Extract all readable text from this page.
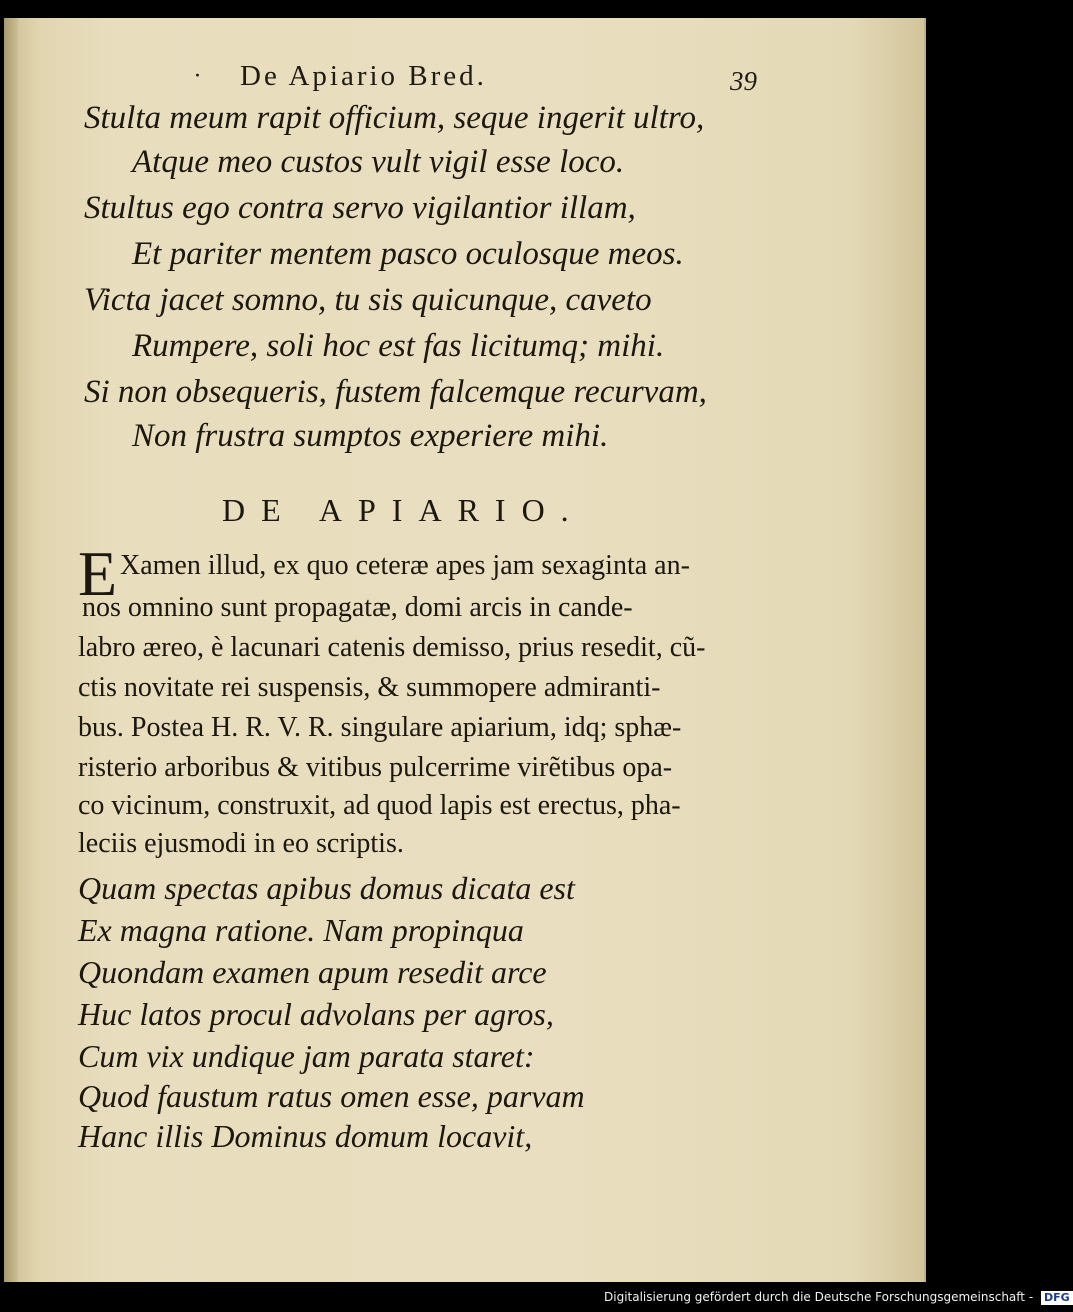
· De Apiario Bred.	39
Stulta meum rapit officium, seque ingerit ultro,
Atque meo custos vult vigil esse loco.
Stultus ego contra servo vigilantior illam,
Et pariter mentem pasco oculosque meos.
Victa jacet somno, tu sis quicunque, caveto
Rumpere, soli hoc est fas licitumq; mihi.
Si non obsequeris, fustem falcemque recurvam,
Non frustra sumptos experiere mihi.
DE APIARIO.
E Xamen illud, ex quo ceteræ apes jam sexaginta an-
nos omnino sunt propagatæ, domi arcis in cande-
labro æreo, è lacunari catenis demisso, prius resedit, cũ-
ctis novitate rei suspensis, & summopere admiranti-
bus. Postea H. R. V. R. singulare apiarium, idq; sphæ-
risterio arboribus & vitibus pulcerrime virẽtibus opa-
co vicinum, construxit, ad quod lapis est erectus, pha-
leciis ejusmodi in eo scriptis.
Quam spectas apibus domus dicata est
Ex magna ratione. Nam propinqua
Quondam examen apum resedit arce
Huc latos procul advolans per agros,
Cum vix undique jam parata staret:
Quod faustum ratus omen esse, parvam
Hanc illis Dominus domum locavit,
Digitalisierung gefördert durch die Deutsche Forschungsgemeinschaft - DFG
